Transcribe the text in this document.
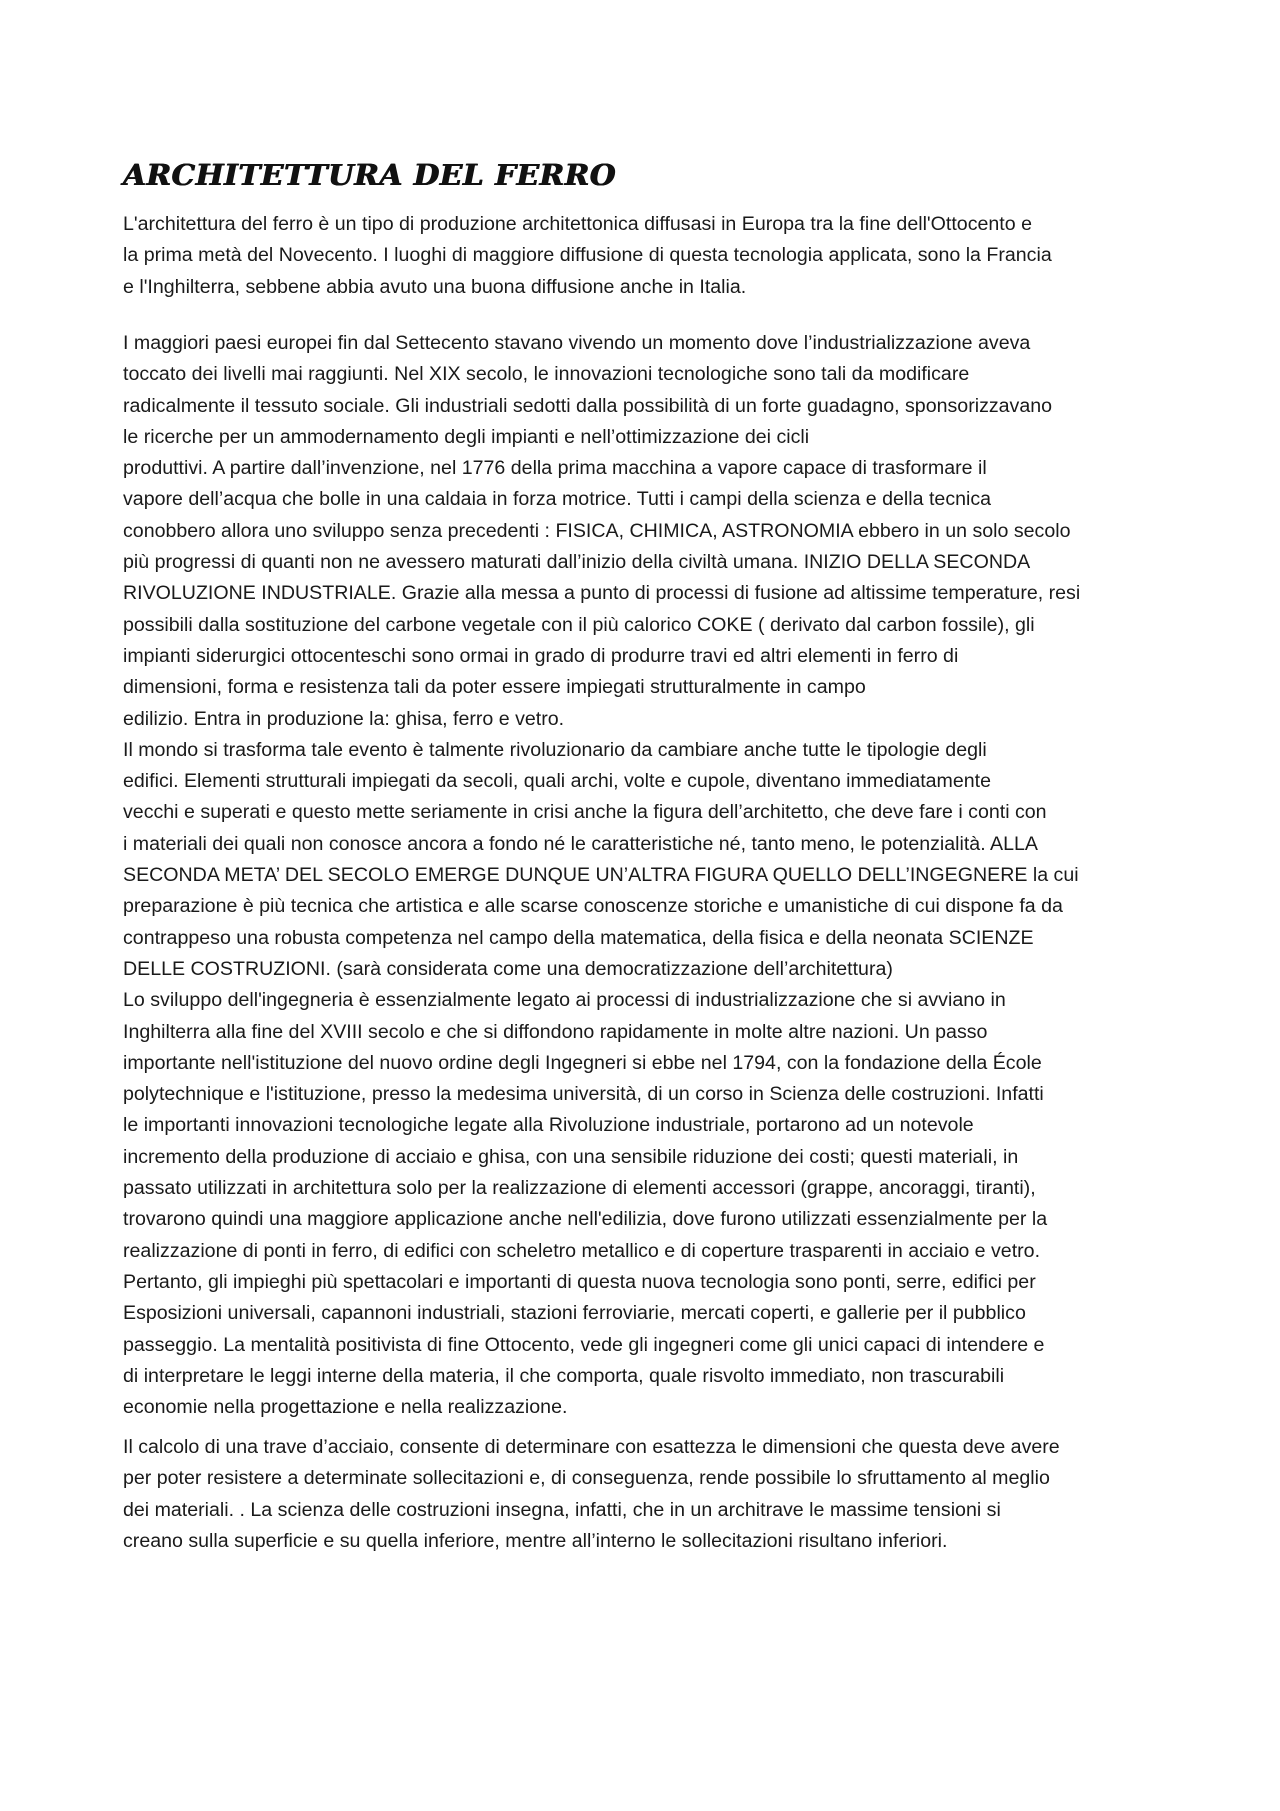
ARCHITETTURA DEL FERRO
L'architettura del ferro è un tipo di produzione architettonica diffusasi in Europa tra la fine dell'Ottocento e
la prima metà del Novecento. I luoghi di maggiore diffusione di questa tecnologia applicata, sono la Francia
e l'Inghilterra, sebbene abbia avuto una buona diffusione anche in Italia.
I maggiori paesi europei fin dal Settecento stavano vivendo un momento dove l’industrializzazione aveva
toccato dei livelli mai raggiunti. Nel XIX secolo, le innovazioni tecnologiche sono tali da modificare
radicalmente il tessuto sociale. Gli industriali sedotti dalla possibilità di un forte guadagno, sponsorizzavano
le ricerche per un ammodernamento degli impianti e nell’ottimizzazione dei cicli
produttivi. A partire dall’invenzione, nel 1776 della prima macchina a vapore capace di trasformare il
vapore dell’acqua che bolle in una caldaia in forza motrice. Tutti i campi della scienza e della tecnica
conobbero allora uno sviluppo senza precedenti : FISICA, CHIMICA, ASTRONOMIA ebbero in un solo secolo
più progressi di quanti non ne avessero maturati dall’inizio della civiltà umana. INIZIO DELLA SECONDA
RIVOLUZIONE INDUSTRIALE. Grazie alla messa a punto di processi di fusione ad altissime temperature, resi
possibili dalla sostituzione del carbone vegetale con il più calorico COKE ( derivato dal carbon fossile), gli
impianti siderurgici ottocenteschi sono ormai in grado di produrre travi ed altri elementi in ferro di
dimensioni, forma e resistenza tali da poter essere impiegati strutturalmente in campo
edilizio. Entra in produzione la: ghisa, ferro e vetro.
Il mondo si trasforma tale evento è talmente rivoluzionario da cambiare anche tutte le tipologie degli
edifici. Elementi strutturali impiegati da secoli, quali archi, volte e cupole, diventano immediatamente
vecchi e superati e questo mette seriamente in crisi anche la figura dell’architetto, che deve fare i conti con
i materiali dei quali non conosce ancora a fondo né le caratteristiche né, tanto meno, le potenzialità. ALLA
SECONDA META’ DEL SECOLO EMERGE DUNQUE UN’ALTRA FIGURA QUELLO DELL’INGEGNERE la cui
preparazione è più tecnica che artistica e alle scarse conoscenze storiche e umanistiche di cui dispone fa da
contrappeso una robusta competenza nel campo della matematica, della fisica e della neonata SCIENZE
DELLE COSTRUZIONI. (sarà considerata come una democratizzazione dell’architettura)
Lo sviluppo dell'ingegneria è essenzialmente legato ai processi di industrializzazione che si avviano in
Inghilterra alla fine del XVIII secolo e che si diffondono rapidamente in molte altre nazioni. Un passo
importante nell'istituzione del nuovo ordine degli Ingegneri si ebbe nel 1794, con la fondazione della École
polytechnique e l'istituzione, presso la medesima università, di un corso in Scienza delle costruzioni. Infatti
le importanti innovazioni tecnologiche legate alla Rivoluzione industriale, portarono ad un notevole
incremento della produzione di acciaio e ghisa, con una sensibile riduzione dei costi; questi materiali, in
passato utilizzati in architettura solo per la realizzazione di elementi accessori (grappe, ancoraggi, tiranti),
trovarono quindi una maggiore applicazione anche nell'edilizia, dove furono utilizzati essenzialmente per la
realizzazione di ponti in ferro, di edifici con scheletro metallico e di coperture trasparenti in acciaio e vetro.
Pertanto, gli impieghi più spettacolari e importanti di questa nuova tecnologia sono ponti, serre, edifici per
Esposizioni universali, capannoni industriali, stazioni ferroviarie, mercati coperti, e gallerie per il pubblico
passeggio. La mentalità positivista di fine Ottocento, vede gli ingegneri come gli unici capaci di intendere e
di interpretare le leggi interne della materia, il che comporta, quale risvolto immediato, non trascurabili
economie nella progettazione e nella realizzazione.
Il calcolo di una trave d’acciaio, consente di determinare con esattezza le dimensioni che questa deve avere
per poter resistere a determinate sollecitazioni e, di conseguenza, rende possibile lo sfruttamento al meglio
dei materiali. . La scienza delle costruzioni insegna, infatti, che in un architrave le massime tensioni si
creano sulla superficie e su quella inferiore, mentre all’interno le sollecitazioni risultano inferiori.
